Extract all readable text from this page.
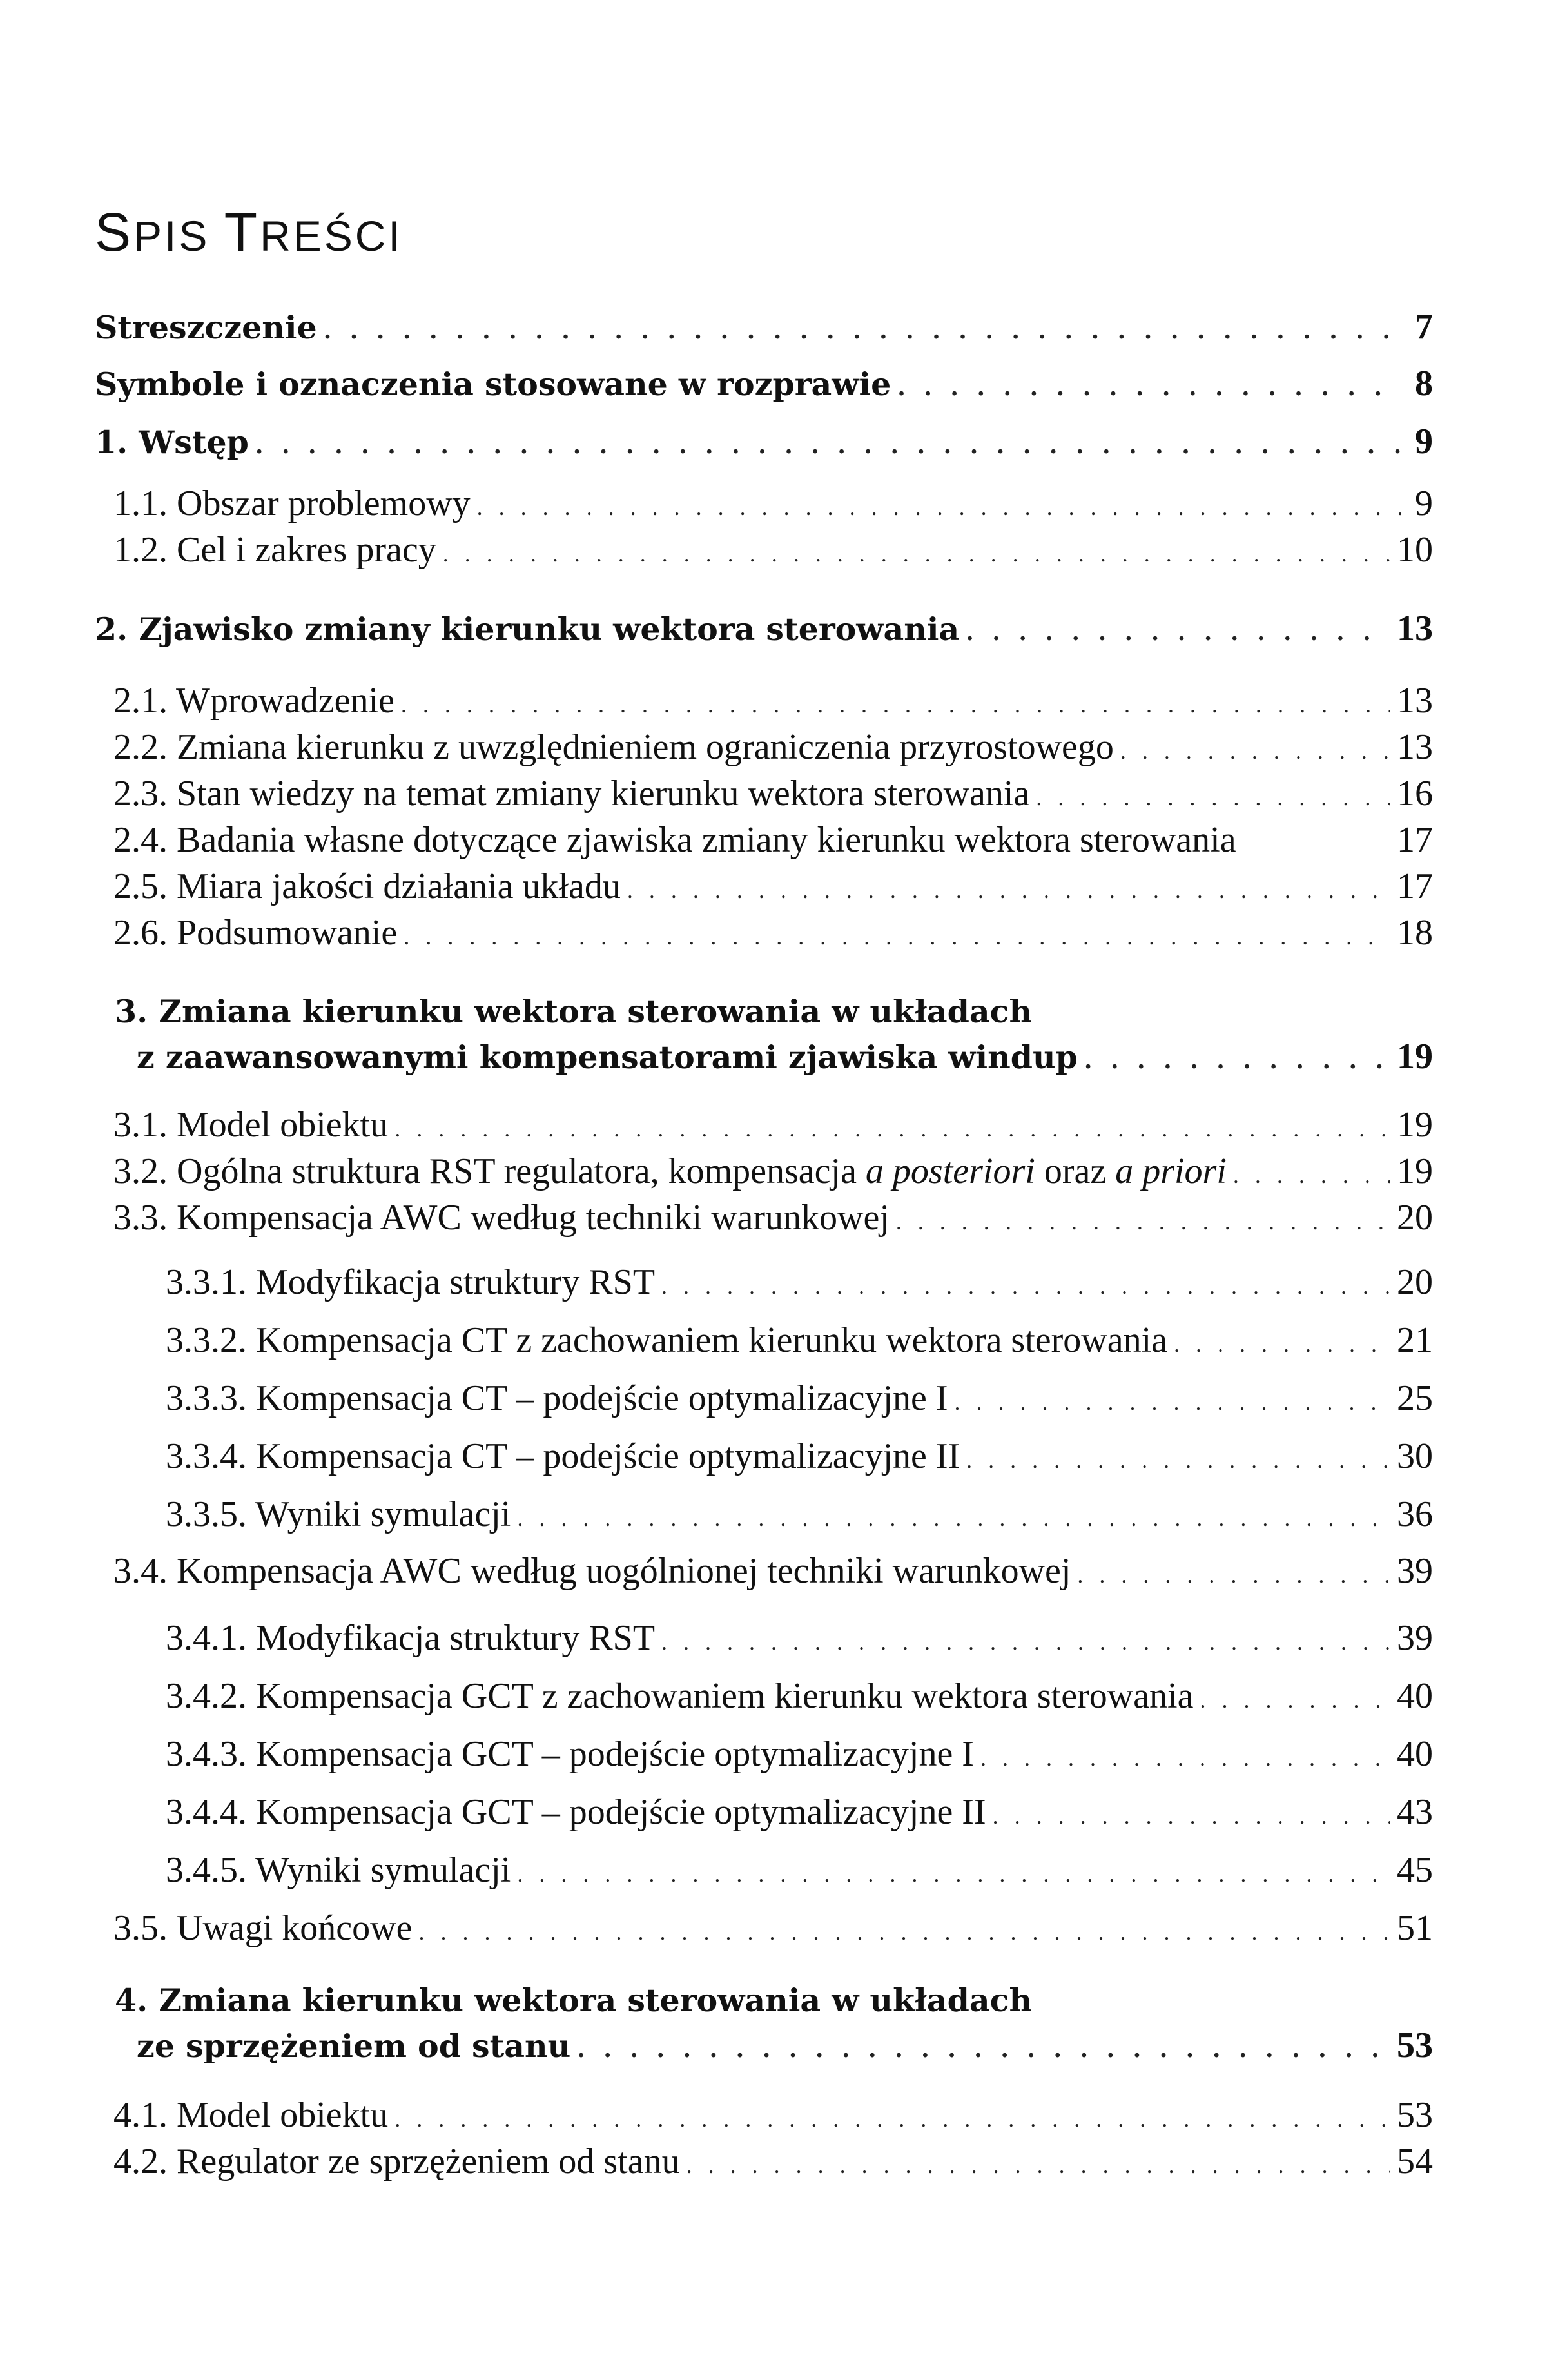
SPIS TREŚCI
Streszczenie . . .	7
Symbole i oznaczenia stosowane w rozprawie . . .	8
1. Wstęp . . .	9
1.1. Obszar problemowy . . .	9
1.2. Cel i zakres pracy . . .	10
2. Zjawisko zmiany kierunku wektora sterowania . . .	13
2.1. Wprowadzenie . . .	13
2.2. Zmiana kierunku z uwzględnieniem ograniczenia przyrostowego . . .	13
2.3. Stan wiedzy na temat zmiany kierunku wektora sterowania . . .	16
2.4. Badania własne dotyczące zjawiska zmiany kierunku wektora sterowania	17
2.5. Miara jakości działania układu . . .	17
2.6. Podsumowanie . . .	18
3. Zmiana kierunku wektora sterowania w układach
z zaawansowanymi kompensatorami zjawiska windup . . .	19
3.1. Model obiektu . . .	19
3.2. Ogólna struktura RST regulatora, kompensacja a posteriori oraz a priori . . .	19
3.3. Kompensacja AWC według techniki warunkowej . . .	20
3.3.1. Modyfikacja struktury RST . . .	20
3.3.2. Kompensacja CT z zachowaniem kierunku wektora sterowania . . .	21
3.3.3. Kompensacja CT – podejście optymalizacyjne I . . .	25
3.3.4. Kompensacja CT – podejście optymalizacyjne II . . .	30
3.3.5. Wyniki symulacji . . .	36
3.4. Kompensacja AWC według uogólnionej techniki warunkowej . . .	39
3.4.1. Modyfikacja struktury RST . . .	39
3.4.2. Kompensacja GCT z zachowaniem kierunku wektora sterowania . . .	40
3.4.3. Kompensacja GCT – podejście optymalizacyjne I . . .	40
3.4.4. Kompensacja GCT – podejście optymalizacyjne II . . .	43
3.4.5. Wyniki symulacji . . .	45
3.5. Uwagi końcowe . . .	51
4. Zmiana kierunku wektora sterowania w układach
ze sprzężeniem od stanu . . .	53
4.1. Model obiektu . . .	53
4.2. Regulator ze sprzężeniem od stanu . . .	54
